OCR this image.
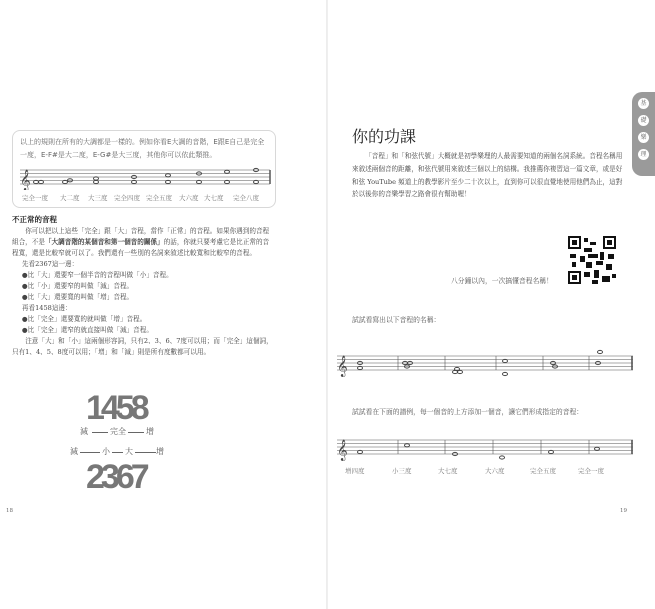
以上的規則在所有的大調都是一樣的。例如你看E大調的音階，E跟E自己是完全一度，E-F#是大二度，E-G#是大三度，其他你可以依此類推。
𝄞
完全一度 大二度 大三度 完全四度 完全五度 大六度 大七度 完全八度
不正常的音程

你可以把以上這些「完全」跟「大」音程，當作「正常」的音程。如果你遇到的音程組合，不是「大調音階的某個音和第一個音的關係」的話，你就只要考慮它是比正常的音程寬，還是比較窄就可以了。我們還有一些別的名詞來敘述比較寬和比較窄的音程。

先看2367這一邊：

●比「大」還要窄一個半音的音程叫做「小」音程。

●比「小」還要窄的叫做「減」音程。

●比「大」還要寬的叫做「增」音程。

再看1458這邊：

●比「完全」還要寬的就叫做「增」音程。

●比「完全」還窄的就直接叫做「減」音程。

注意「大」和「小」這兩個形容詞，只有2、3、6、7度可以用；而「完全」這個詞，只有1、4、5、8度可以用；「增」和「減」則是所有度數都可以用。

1458
減	完全	增
減	小 大	增
2367
18
基
礎
樂
理
你的功課
「音程」和「和弦代號」大概就是初學樂理的人最需要知道的兩個名詞系統。音程名稱用來敘述兩個音的距離，和弦代號用來敘述三個以上的結構。我推薦你複習這一篇文章，或是好和弦 YouTube 頻道上的教學影片至少二十次以上，直到你可以很直覺地使用他們為止，這對於以後你的音樂學習之路會很有幫助喔！
八分鐘以內，一次搞懂音程名稱！
試試看寫出以下音程的名稱：
𝄞
試試看在下面的譜例，每一個音的上方添加一個音，讓它們形成指定的音程：
𝄞
增四度	小三度	大七度	大六度	完全五度	完全一度
19
